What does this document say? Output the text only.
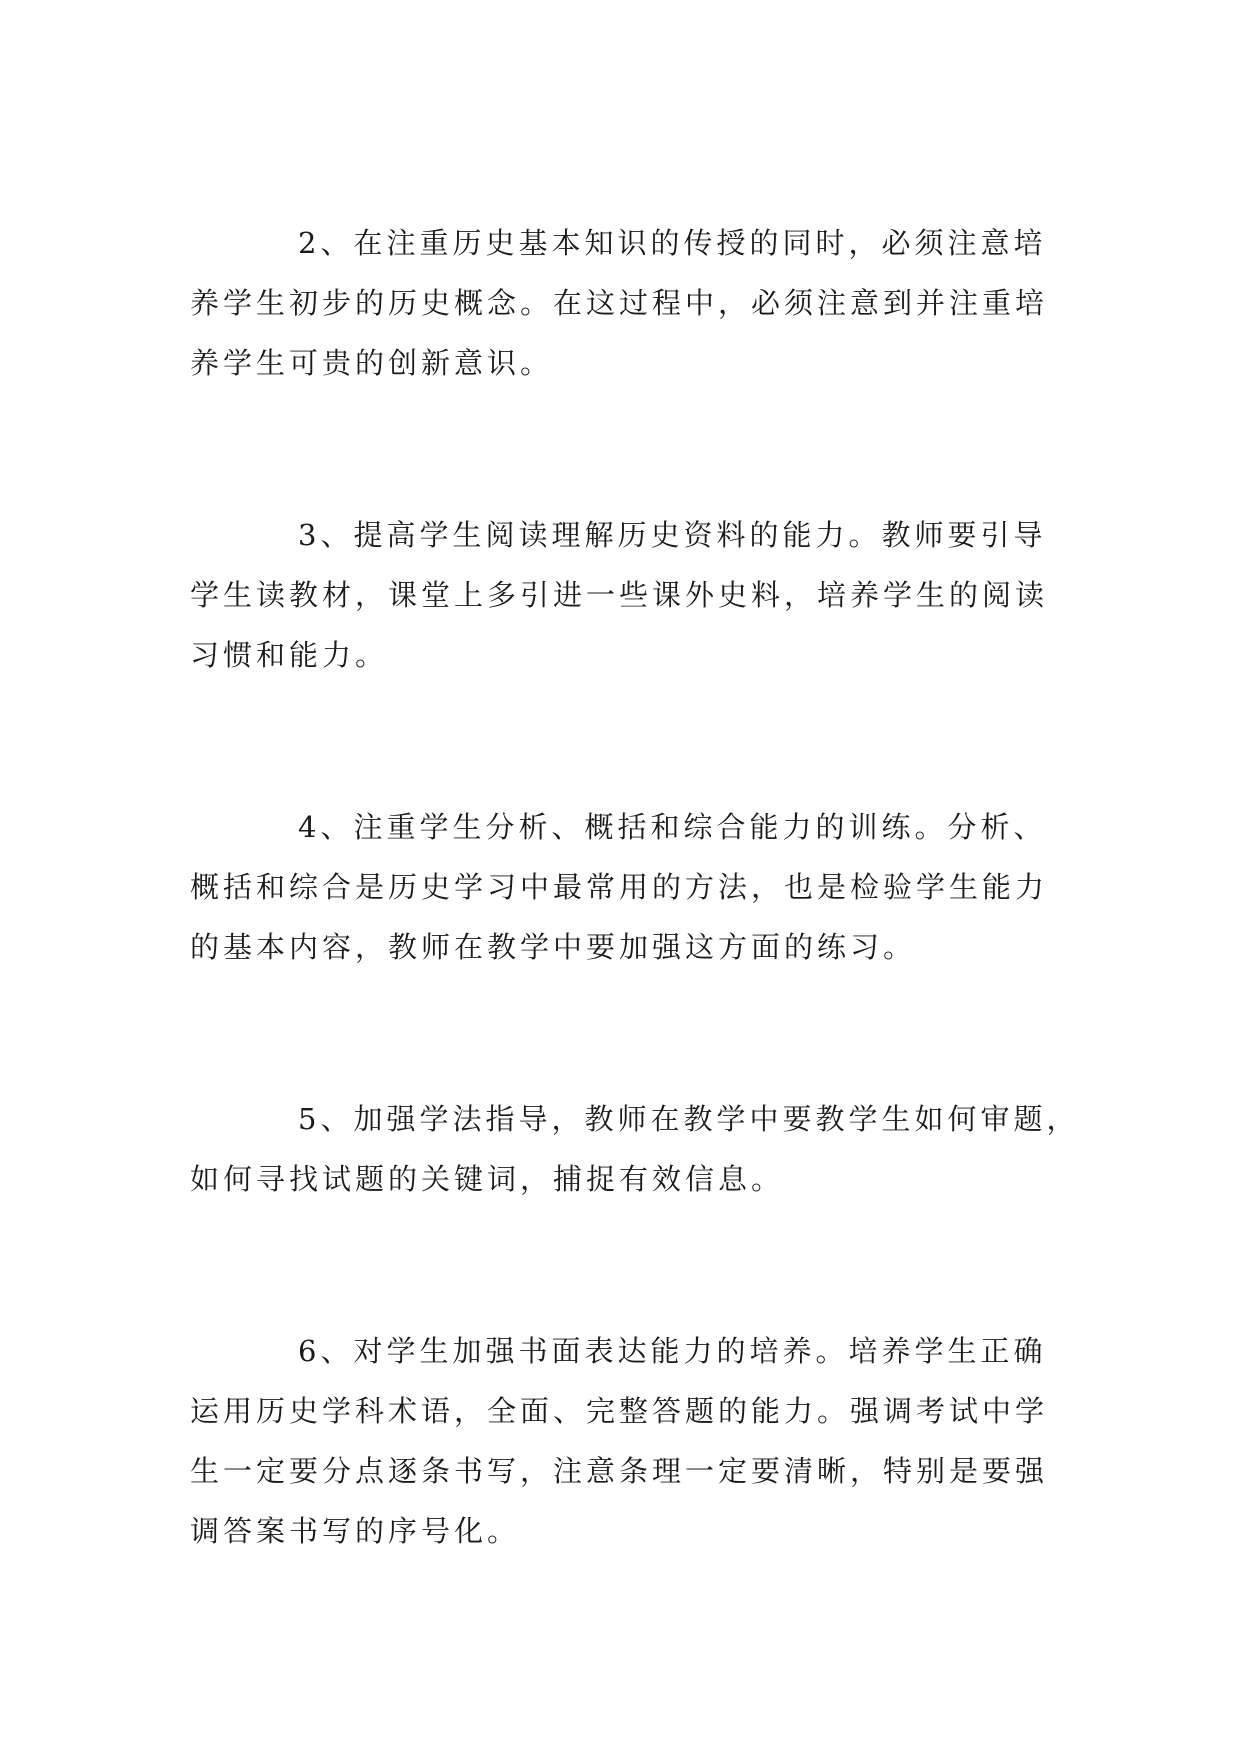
2、在注重历史基本知识的传授的同时，必须注意培
养学生初步的历史概念。在这过程中，必须注意到并注重培
养学生可贵的创新意识。

3、提高学生阅读理解历史资料的能力。教师要引导
学生读教材，课堂上多引进一些课外史料，培养学生的阅读
习惯和能力。

4、注重学生分析、概括和综合能力的训练。分析、
概括和综合是历史学习中最常用的方法，也是检验学生能力
的基本内容，教师在教学中要加强这方面的练习。

5、加强学法指导，教师在教学中要教学生如何审题，
如何寻找试题的关键词，捕捉有效信息。

6、对学生加强书面表达能力的培养。培养学生正确
运用历史学科术语，全面、完整答题的能力。强调考试中学
生一定要分点逐条书写，注意条理一定要清晰，特别是要强
调答案书写的序号化。
